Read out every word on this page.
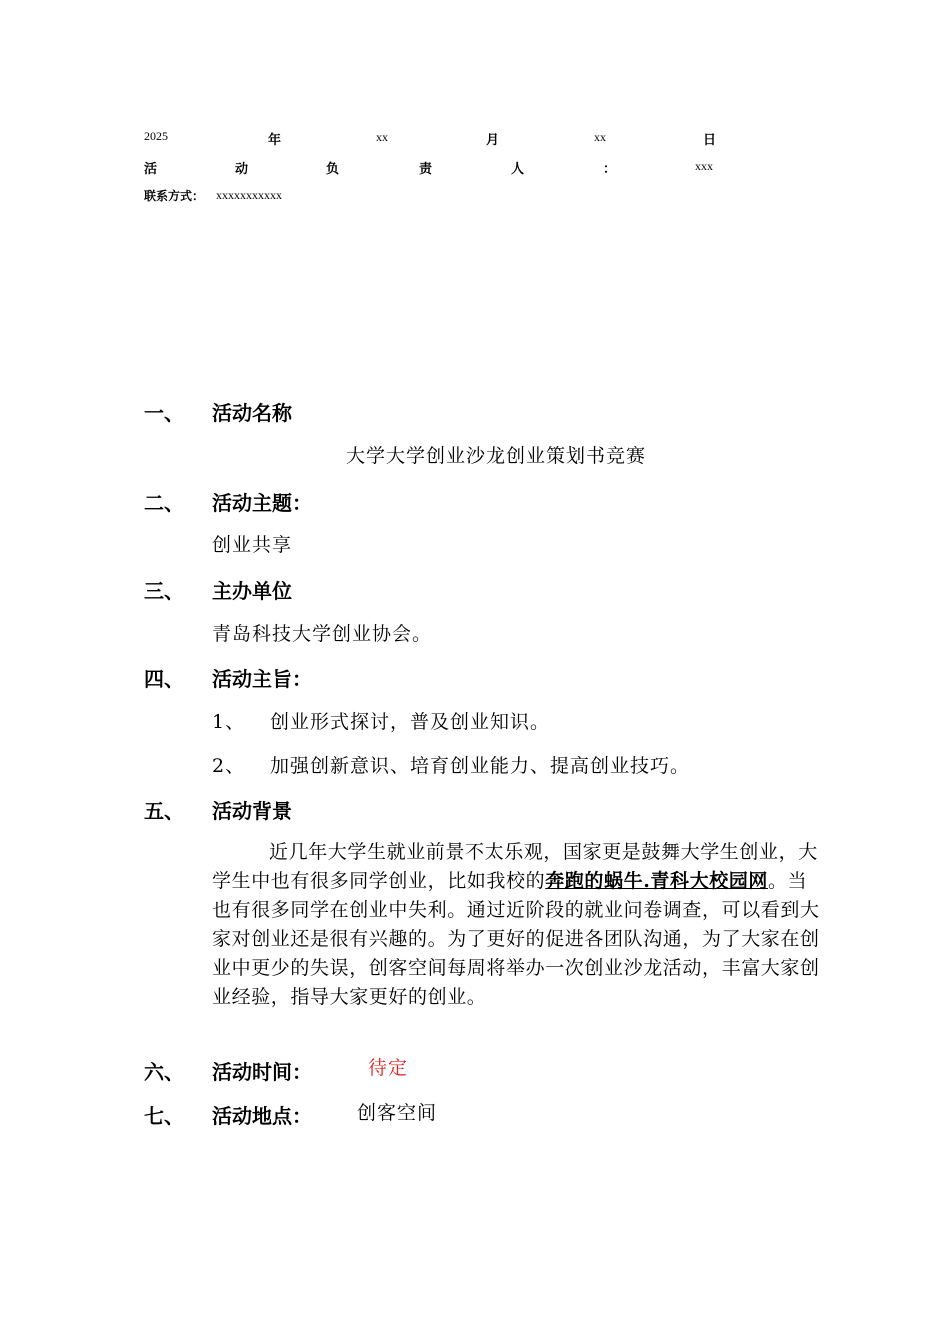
2025	年	xx	月	xx	日
活	动	负	责	人	：	xxx
联系方式： xxxxxxxxxxx
一、 活动名称
大学大学创业沙龙创业策划书竞赛
二、 活动主题：
创业共享
三、 主办单位
青岛科技大学创业协会。
四、 活动主旨：
1、 创业形式探讨，普及创业知识。
2、 加强创新意识、培育创业能力、提高创业技巧。
五、 活动背景
近几年大学生就业前景不太乐观，国家更是鼓舞大学生创业，大学生中也有很多同学创业，比如我校的奔跑的蜗牛.青科大校园网。当也有很多同学在创业中失利。通过近阶段的就业问卷调查，可以看到大家对创业还是很有兴趣的。为了更好的促进各团队沟通，为了大家在创业中更少的失误，创客空间每周将举办一次创业沙龙活动，丰富大家创业经验，指导大家更好的创业。
六、 活动时间：	待定
七、 活动地点： 创客空间
